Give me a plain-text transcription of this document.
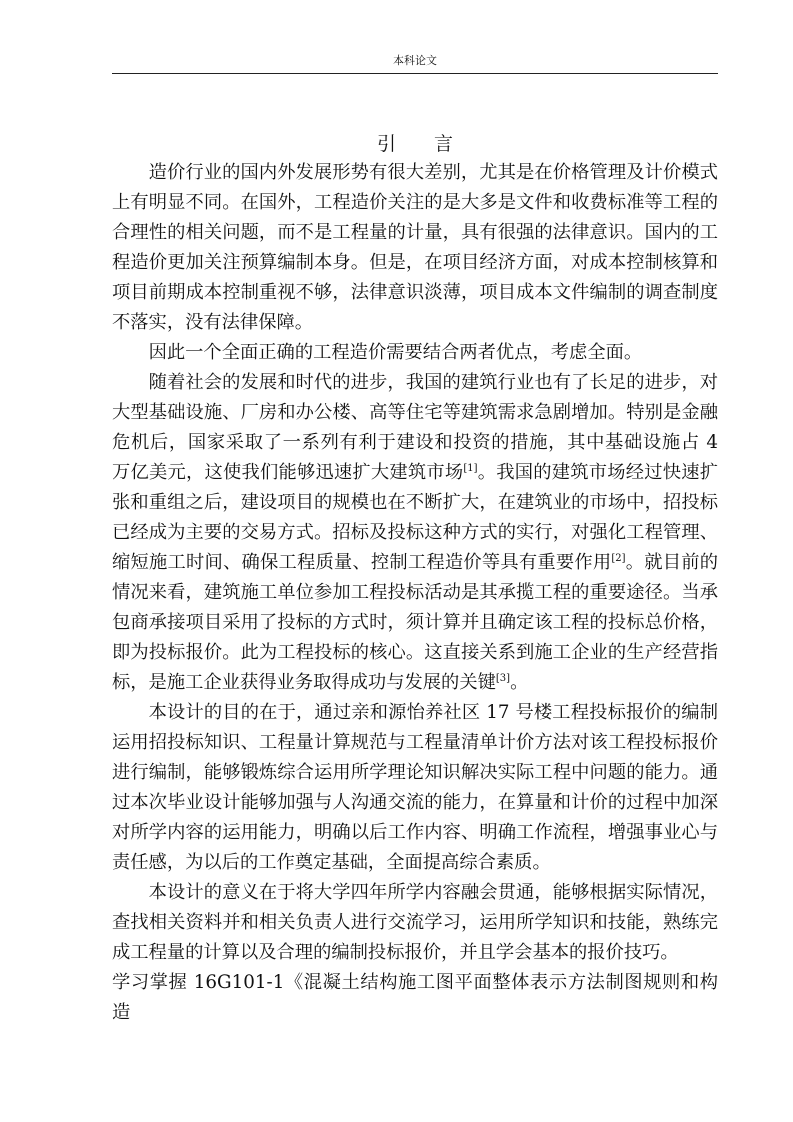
本科论文
引言

造价行业的国内外发展形势有很大差别，尤其是在价格管理及计价模式上有明显不同。在国外，工程造价关注的是大多是文件和收费标准等工程的合理性的相关问题，而不是工程量的计量，具有很强的法律意识。国内的工程造价更加关注预算编制本身。但是，在项目经济方面，对成本控制核算和项目前期成本控制重视不够，法律意识淡薄，项目成本文件编制的调查制度不落实，没有法律保障。

因此一个全面正确的工程造价需要结合两者优点，考虑全面。

随着社会的发展和时代的进步，我国的建筑行业也有了长足的进步，对大型基础设施、厂房和办公楼、高等住宅等建筑需求急剧增加。特别是金融危机后，国家采取了一系列有利于建设和投资的措施，其中基础设施占 4 万亿美元，这使我们能够迅速扩大建筑市场[1]。我国的建筑市场经过快速扩张和重组之后，建设项目的规模也在不断扩大，在建筑业的市场中，招投标已经成为主要的交易方式。招标及投标这种方式的实行，对强化工程管理、缩短施工时间、确保工程质量、控制工程造价等具有重要作用[2]。就目前的情况来看，建筑施工单位参加工程投标活动是其承揽工程的重要途径。当承包商承接项目采用了投标的方式时，须计算并且确定该工程的投标总价格，即为投标报价。此为工程投标的核心。这直接关系到施工企业的生产经营指标，是施工企业获得业务取得成功与发展的关键[3]。

本设计的目的在于，通过亲和源怡养社区 17 号楼工程投标报价的编制运用招投标知识、工程量计算规范与工程量清单计价方法对该工程投标报价进行编制，能够锻炼综合运用所学理论知识解决实际工程中问题的能力。通过本次毕业设计能够加强与人沟通交流的能力，在算量和计价的过程中加深对所学内容的运用能力，明确以后工作内容、明确工作流程，增强事业心与责任感，为以后的工作奠定基础，全面提高综合素质。

本设计的意义在于将大学四年所学内容融会贯通，能够根据实际情况，查找相关资料并和相关负责人进行交流学习，运用所学知识和技能，熟练完成工程量的计算以及合理的编制投标报价，并且学会基本的报价技巧。

学习掌握 16G101-1《混凝土结构施工图平面整体表示方法制图规则和构造
